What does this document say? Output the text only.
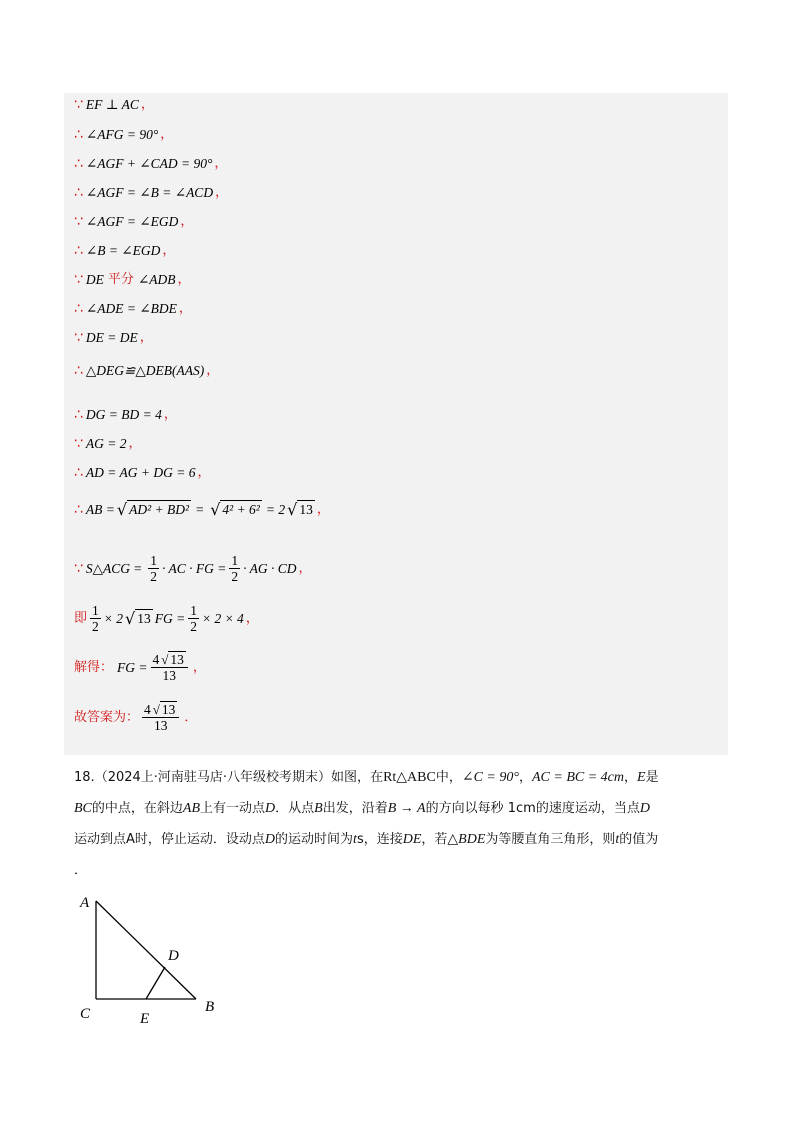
∵ EF ⊥ AC ，
∴ ∠AFG = 90° ，
∴ ∠AGF + ∠CAD = 90° ，
∴ ∠AGF = ∠B = ∠ACD ，
∵ ∠AGF = ∠EGD ，
∴ ∠B = ∠EGD ，
∵ DE 平分 ∠ADB ，
∴ ∠ADE = ∠BDE ，
∵ DE = DE ，
∴ △DEG≌△DEB(AAS) ，
∴ DG = BD = 4 ，
∵ AG = 2 ，
∴ AD = AG + DG = 6 ，
∴ AB = √ AD² + BD² = √ 4² + 6² = 2 √ 13 ，
∵ S △ACG = $\frac{1}{2}$ · AC · FG = $\frac{1}{2}$ · AG · CD ，
即 $\frac{1}{2} \times 2$ √ 13 FG = $\frac{1}{2} \times 2 \times 4$ ，
解得： FG = $\frac{4 √ 13}{13}$ ，
故答案为： $\frac{4 √ 13}{13}$ ．
18.（2024上·河南驻马店·八年级校考期末）如图，在Rt△ABC中，∠C = 90°，AC = BC = 4cm，E是
BC的中点，在斜边AB上有一动点D．从点B出发，沿着B → A的方向以每秒 1cm的速度运动，当点D
运动到点A时，停止运动．设动点D的运动时间为ts，连接DE，若△BDE为等腰直角三角形，则t的值为
．
A
C	E
B
D
